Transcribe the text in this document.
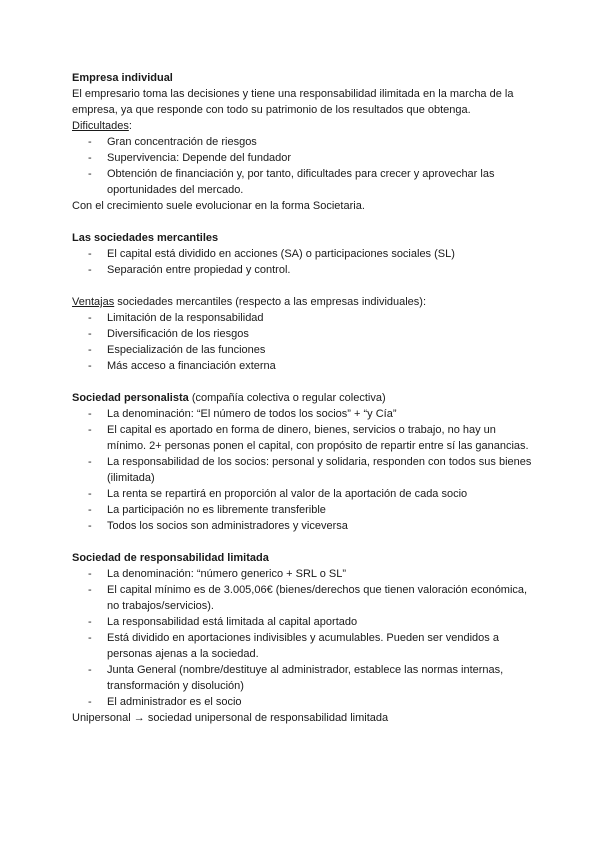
Empresa individual

El empresario toma las decisiones y tiene una responsabilidad ilimitada en la marcha de la empresa, ya que responde con todo su patrimonio de los resultados que obtenga.

Dificultades:

- Gran concentración de riesgos
- Supervivencia: Depende del fundador
- Obtención de financiación y, por tanto, dificultades para crecer y aprovechar las oportunidades del mercado.

Con el crecimiento suele evolucionar en la forma Societaria.

Las sociedades mercantiles

- El capital está dividido en acciones (SA) o participaciones sociales (SL)
- Separación entre propiedad y control.

Ventajas sociedades mercantiles (respecto a las empresas individuales):

- Limitación de la responsabilidad
- Diversificación de los riesgos
- Especialización de las funciones
- Más acceso a financiación externa

Sociedad personalista (compañía colectiva o regular colectiva)

- La denominación: “El número de todos los socios” + “y Cía”
- El capital es aportado en forma de dinero, bienes, servicios o trabajo, no hay un mínimo. 2+ personas ponen el capital, con propósito de repartir entre sí las ganancias.
- La responsabilidad de los socios: personal y solidaria, responden con todos sus bienes (ilimitada)
- La renta se repartirá en proporción al valor de la aportación de cada socio
- La participación no es libremente transferible
- Todos los socios son administradores y viceversa

Sociedad de responsabilidad limitada

- La denominación: “número generico + SRL o SL”
- El capital mínimo es de 3.005,06€ (bienes/derechos que tienen valoración económica, no trabajos/servicios).
- La responsabilidad está limitada al capital aportado
- Está dividido en aportaciones indivisibles y acumulables. Pueden ser vendidos a personas ajenas a la sociedad.
- Junta General (nombre/destituye al administrador, establece las normas internas, transformación y disolución)
- El administrador es el socio

Unipersonal → sociedad unipersonal de responsabilidad limitada
